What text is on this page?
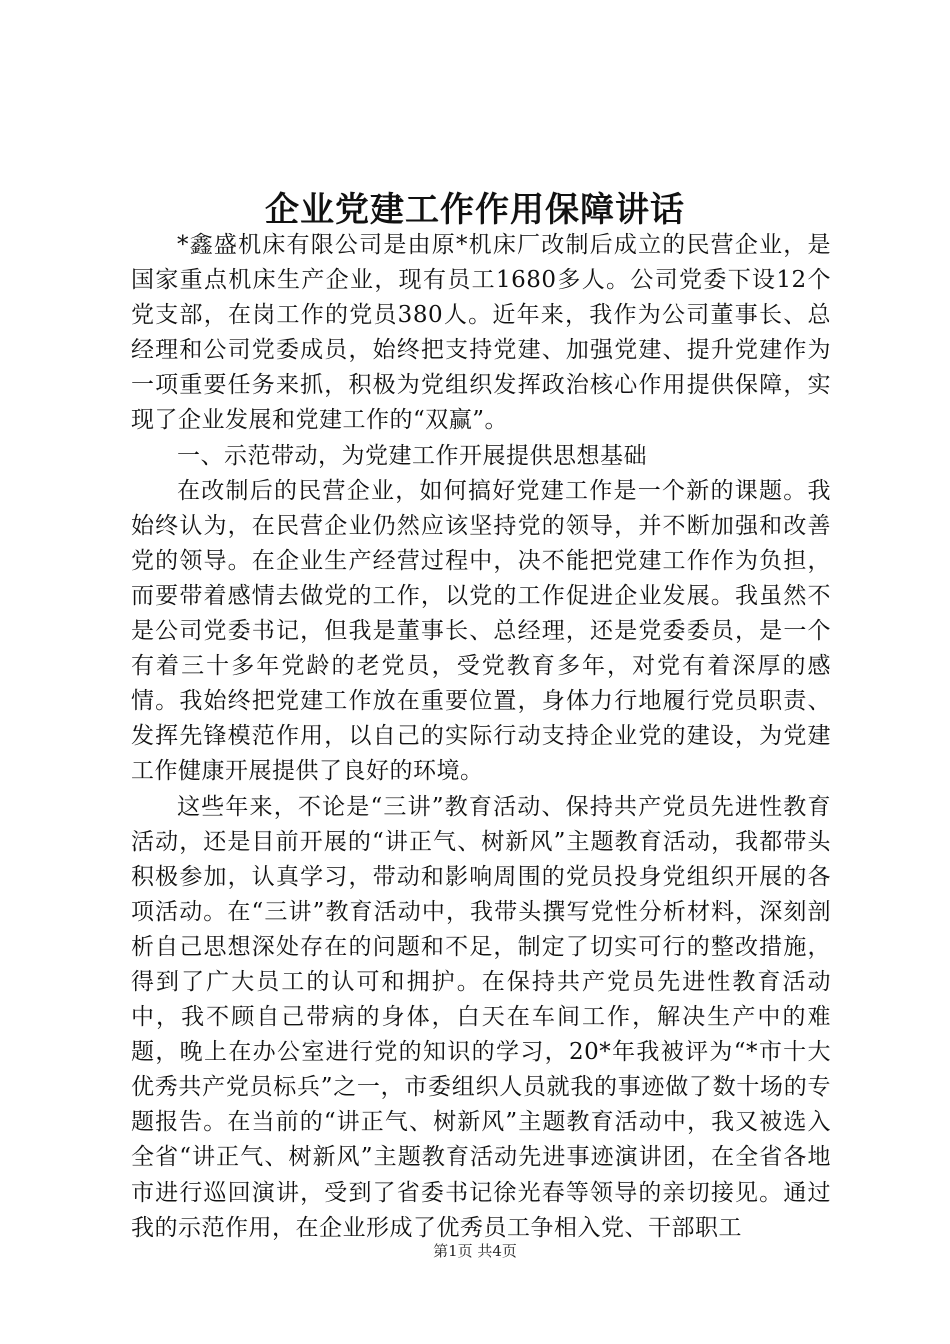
企业党建工作作用保障讲话

*鑫盛机床有限公司是由原*机床厂改制后成立的民营企业，是国家重点机床生产企业，现有员工1680多人。公司党委下设12个党支部，在岗工作的党员380人。近年来，我作为公司董事长、总经理和公司党委成员，始终把支持党建、加强党建、提升党建作为一项重要任务来抓，积极为党组织发挥政治核心作用提供保障，实现了企业发展和党建工作的“双赢”。

一、示范带动，为党建工作开展提供思想基础

在改制后的民营企业，如何搞好党建工作是一个新的课题。我始终认为，在民营企业仍然应该坚持党的领导，并不断加强和改善党的领导。在企业生产经营过程中，决不能把党建工作作为负担，而要带着感情去做党的工作，以党的工作促进企业发展。我虽然不是公司党委书记，但我是董事长、总经理，还是党委委员，是一个有着三十多年党龄的老党员，受党教育多年，对党有着深厚的感情。我始终把党建工作放在重要位置，身体力行地履行党员职责、发挥先锋模范作用，以自己的实际行动支持企业党的建设，为党建工作健康开展提供了良好的环境。

这些年来，不论是“三讲”教育活动、保持共产党员先进性教育活动，还是目前开展的“讲正气、树新风”主题教育活动，我都带头积极参加，认真学习，带动和影响周围的党员投身党组织开展的各项活动。在“三讲”教育活动中，我带头撰写党性分析材料，深刻剖析自己思想深处存在的问题和不足，制定了切实可行的整改措施，得到了广大员工的认可和拥护。在保持共产党员先进性教育活动中，我不顾自己带病的身体，白天在车间工作，解决生产中的难题，晚上在办公室进行党的知识的学习，20*年我被评为“*市十大优秀共产党员标兵”之一，市委组织人员就我的事迹做了数十场的专题报告。在当前的“讲正气、树新风”主题教育活动中，我又被选入全省“讲正气、树新风”主题教育活动先进事迹演讲团，在全省各地市进行巡回演讲，受到了省委书记徐光春等领导的亲切接见。通过我的示范作用，在企业形成了优秀员工争相入党、干部职工

第1页 共4页
